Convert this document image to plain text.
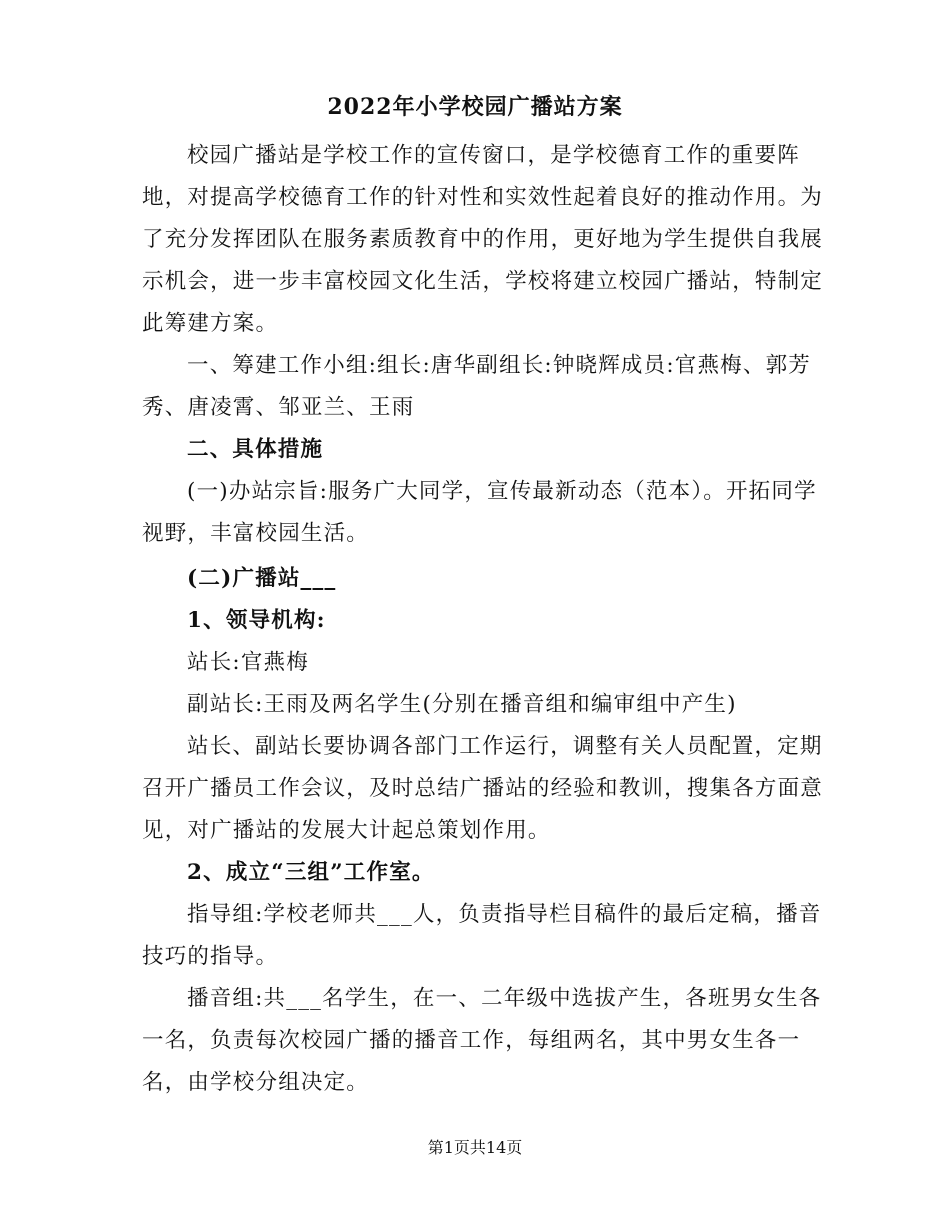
2022年小学校园广播站方案
校园广播站是学校工作的宣传窗口，是学校德育工作的重要阵
地，对提高学校德育工作的针对性和实效性起着良好的推动作用。为
了充分发挥团队在服务素质教育中的作用，更好地为学生提供自我展
示机会，进一步丰富校园文化生活，学校将建立校园广播站，特制定
此筹建方案。
一、筹建工作小组:组长:唐华副组长:钟晓辉成员:官燕梅、郭芳
秀、唐凌霄、邹亚兰、王雨
二、具体措施
(一)办站宗旨:服务广大同学，宣传最新动态（范本）。开拓同学
视野，丰富校园生活。
(二)广播站___
1、领导机构:
站长:官燕梅
副站长:王雨及两名学生(分别在播音组和编审组中产生)
站长、副站长要协调各部门工作运行，调整有关人员配置，定期
召开广播员工作会议，及时总结广播站的经验和教训，搜集各方面意
见，对广播站的发展大计起总策划作用。
2、成立“三组”工作室。
指导组:学校老师共___人，负责指导栏目稿件的最后定稿，播音
技巧的指导。
播音组:共___名学生，在一、二年级中选拔产生，各班男女生各
一名，负责每次校园广播的播音工作，每组两名，其中男女生各一
名，由学校分组决定。
第1页共14页
